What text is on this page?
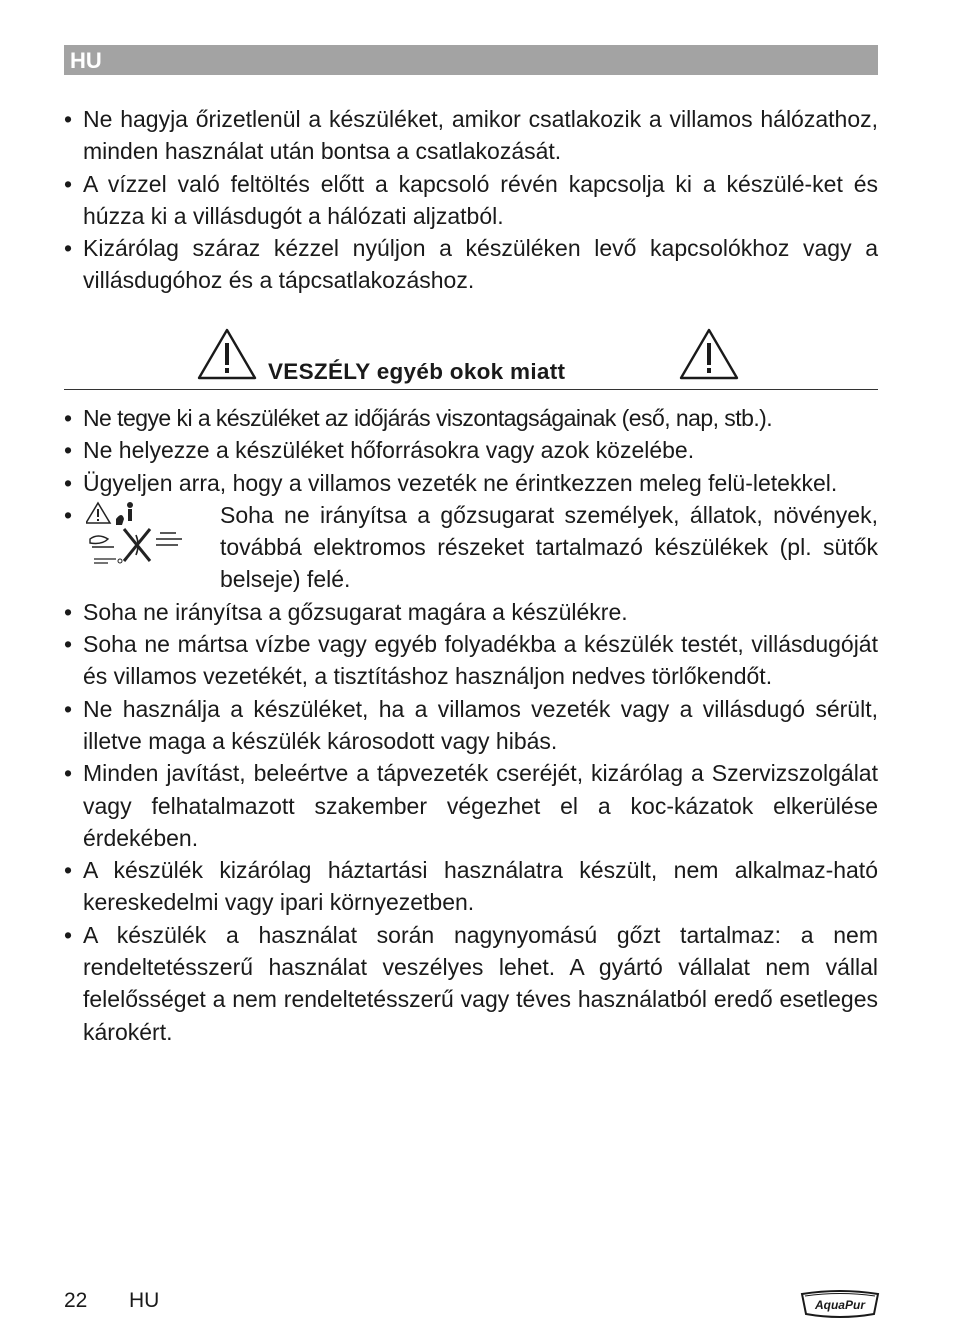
HU
• Ne hagyja őrizetlenül a készüléket, amikor csatlakozik a villamos hálózathoz, minden használat után bontsa a csatlakozását.
• A vízzel való feltöltés előtt a kapcsoló révén kapcsolja ki a készülé-ket és húzza ki a villásdugót a hálózati aljzatból.
• Kizárólag száraz kézzel nyúljon a készüléken levő kapcsolókhoz vagy a villásdugóhoz és a tápcsatlakozáshoz.
VESZÉLY egyéb okok miatt
• Ne tegye ki a készüléket az időjárás viszontagságainak (eső, nap, stb.).
• Ne helyezze a készüléket hőforrásokra vagy azok közelébe.
• Ügyeljen arra, hogy a villamos vezeték ne érintkezzen meleg felü-letekkel.
• Soha ne irányítsa a gőzsugarat személyek, állatok, növények, továbbá elektromos részeket tartalmazó készülékek (pl. sütők belseje) felé.
• Soha ne irányítsa a gőzsugarat magára a készülékre.
• Soha ne mártsa vízbe vagy egyéb folyadékba a készülék testét, villásdugóját és villamos vezetékét, a tisztításhoz használjon nedves törlőkendőt.
• Ne használja a készüléket, ha a villamos vezeték vagy a villásdugó sérült, illetve maga a készülék károsodott vagy hibás.
• Minden javítást, beleértve a tápvezeték cseréjét, kizárólag a Szervizszolgálat vagy felhatalmazott szakember végezhet el a koc-kázatok elkerülése érdekében.
• A készülék kizárólag háztartási használatra készült, nem alkalmaz-ható kereskedelmi vagy ipari környezetben.
• A készülék a használat során nagynyomású gőzt tartalmaz: a nem rendeltetésszerű használat veszélyes lehet. A gyártó vállalat nem vállal felelősséget a nem rendeltetésszerű vagy téves használatból eredő esetleges károkért.
22 HU	AquaPur
